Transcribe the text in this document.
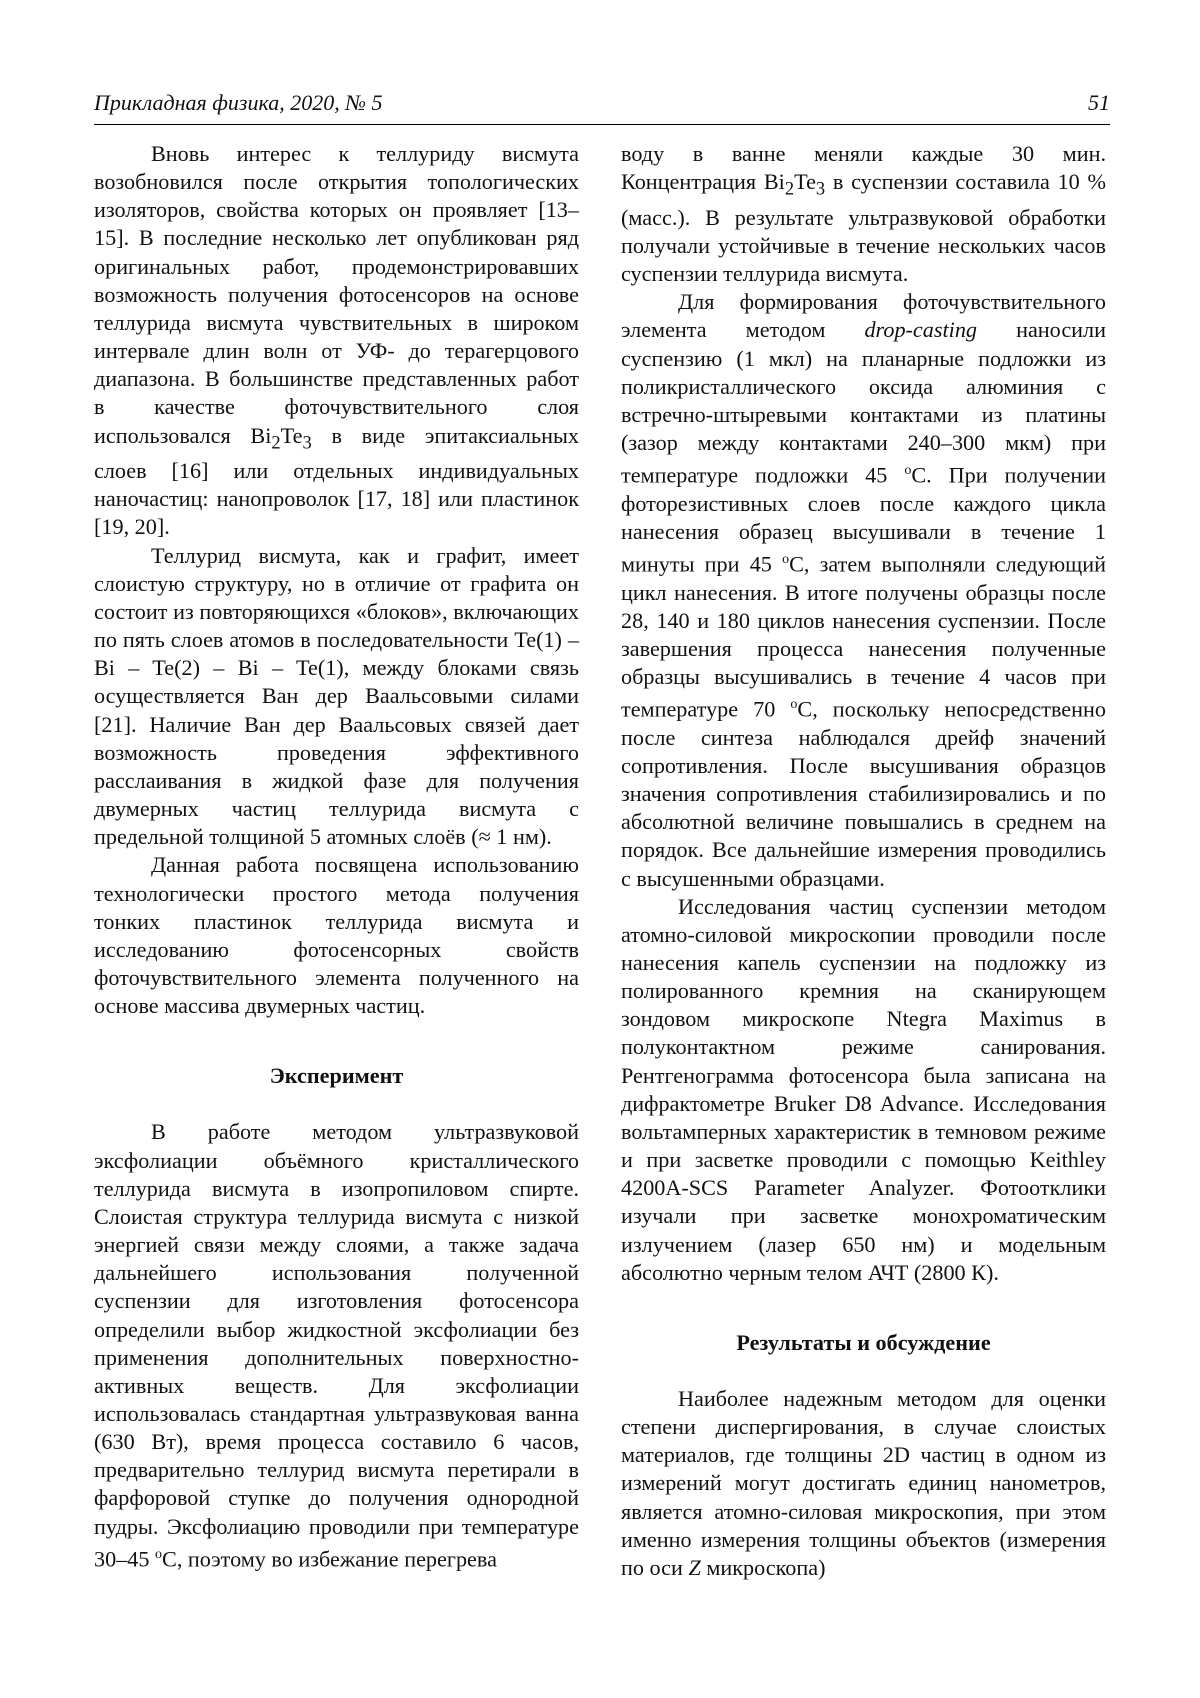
Прикладная физика, 2020, № 5	51

Вновь интерес к теллуриду висмута возобновился после открытия топологических изоляторов, свойства которых он проявляет [13–15]. В последние несколько лет опубликован ряд оригинальных работ, продемонстрировавших возможность получения фотосенсоров на основе теллурида висмута чувствительных в широком интервале длин волн от УФ- до терагерцового диапазона. В большинстве представленных работ в качестве фоточувствительного слоя использовался $Bi_2Te_3$ в виде эпитаксиальных слоев [16] или отдельных индивидуальных наночастиц: нанопроволок [17, 18] или пластинок [19, 20].

Теллурид висмута, как и графит, имеет слоистую структуру, но в отличие от графита он состоит из повторяющихся «блоков», включающих по пять слоев атомов в последовательности Te(1) – Bi – Te(2) – Bi – Te(1), между блоками связь осуществляется Ван дер Ваальсовыми силами [21]. Наличие Ван дер Ваальсовых связей дает возможность проведения эффективного расслаивания в жидкой фазе для получения двумерных частиц теллурида висмута с предельной толщиной 5 атомных слоёв (≈ 1 нм).

Данная работа посвящена использованию технологически простого метода получения тонких пластинок теллурида висмута и исследованию фотосенсорных свойств фоточувствительного элемента полученного на основе массива двумерных частиц.

Эксперимент

В работе методом ультразвуковой эксфолиации объёмного кристаллического теллурида висмута в изопропиловом спирте. Слоистая структура теллурида висмута с низкой энергией связи между слоями, а также задача дальнейшего использования полученной суспензии для изготовления фотосенсора определили выбор жидкостной эксфолиации без применения дополнительных поверхностно-активных веществ. Для эксфолиации использовалась стандартная ультразвуковая ванна (630 Вт), время процесса составило 6 часов, предварительно теллурид висмута перетирали в фарфоровой ступке до получения однородной пудры. Эксфолиацию проводили при температуре 30–45 $^о$С, поэтому во избежание перегрева

воду в ванне меняли каждые 30 мин. Концентрация $Bi_2Te_3$ в суспензии составила 10 % (масс.). В результате ультразвуковой обработки получали устойчивые в течение нескольких часов суспензии теллурида висмута.

Для формирования фоточувствительного элемента методом drop-casting наносили суспензию (1 мкл) на планарные подложки из поликристаллического оксида алюминия с встречно-штыревыми контактами из платины (зазор между контактами 240–300 мкм) при температуре подложки 45 $^о$С. При получении фоторезистивных слоев после каждого цикла нанесения образец высушивали в течение 1 минуты при 45 $^о$С, затем выполняли следующий цикл нанесения. В итоге получены образцы после 28, 140 и 180 циклов нанесения суспензии. После завершения процесса нанесения полученные образцы высушивались в течение 4 часов при температуре 70 $^о$С, поскольку непосредственно после синтеза наблюдался дрейф значений сопротивления. После высушивания образцов значения сопротивления стабилизировались и по абсолютной величине повышались в среднем на порядок. Все дальнейшие измерения проводились с высушенными образцами.

Исследования частиц суспензии методом атомно-силовой микроскопии проводили после нанесения капель суспензии на подложку из полированного кремния на сканирующем зондовом микроскопе Ntegra Maximus в полуконтактном режиме санирования. Рентгенограмма фотосенсора была записана на дифрактометре Bruker D8 Advance. Исследования вольтамперных характеристик в темновом режиме и при засветке проводили с помощью Keithley 4200A-SCS Parameter Analyzer. Фотоотклики изучали при засветке монохроматическим излучением (лазер 650 нм) и модельным абсолютно черным телом АЧТ (2800 К).

Результаты и обсуждение

Наиболее надежным методом для оценки степени диспергирования, в случае слоистых материалов, где толщины 2D частиц в одном из измерений могут достигать единиц нанометров, является атомно-силовая микроскопия, при этом именно измерения толщины объектов (измерения по оси Z микроскопа)
